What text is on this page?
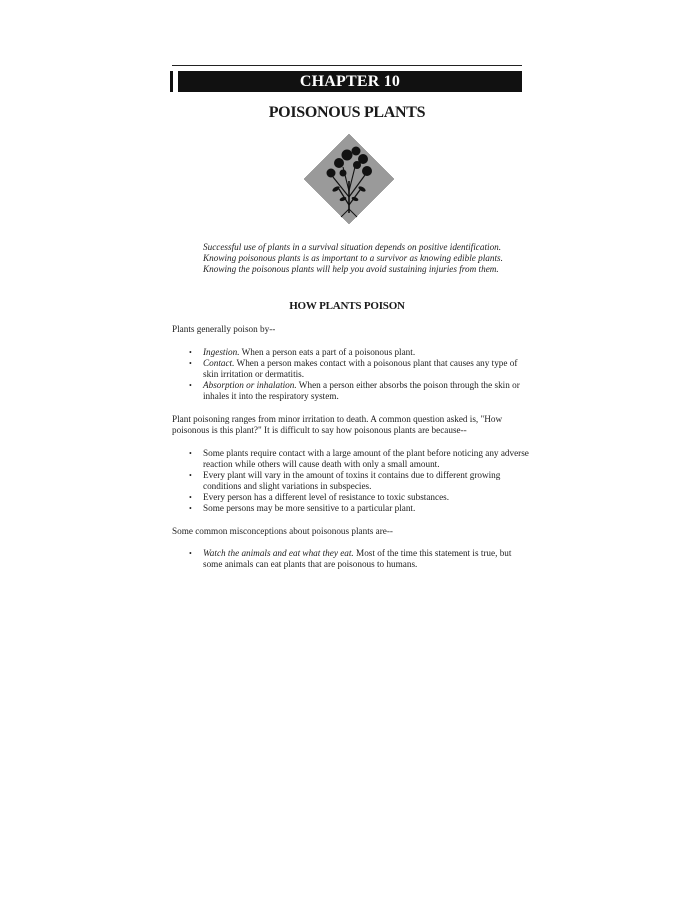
CHAPTER 10
POISONOUS PLANTS
Successful use of plants in a survival situation depends on positive identification. Knowing poisonous plants is as important to a survivor as knowing edible plants. Knowing the poisonous plants will help you avoid sustaining injuries from them.
HOW PLANTS POISON
Plants generally poison by--
• Ingestion. When a person eats a part of a poisonous plant.
• Contact. When a person makes contact with a poisonous plant that causes any type of skin irritation or dermatitis.
• Absorption or inhalation. When a person either absorbs the poison through the skin or inhales it into the respiratory system.
Plant poisoning ranges from minor irritation to death. A common question asked is, "How poisonous is this plant?" It is difficult to say how poisonous plants are because--
• Some plants require contact with a large amount of the plant before noticing any adverse reaction while others will cause death with only a small amount.
• Every plant will vary in the amount of toxins it contains due to different growing conditions and slight variations in subspecies.
• Every person has a different level of resistance to toxic substances.
• Some persons may be more sensitive to a particular plant.
Some common misconceptions about poisonous plants are--
• Watch the animals and eat what they eat. Most of the time this statement is true, but some animals can eat plants that are poisonous to humans.
